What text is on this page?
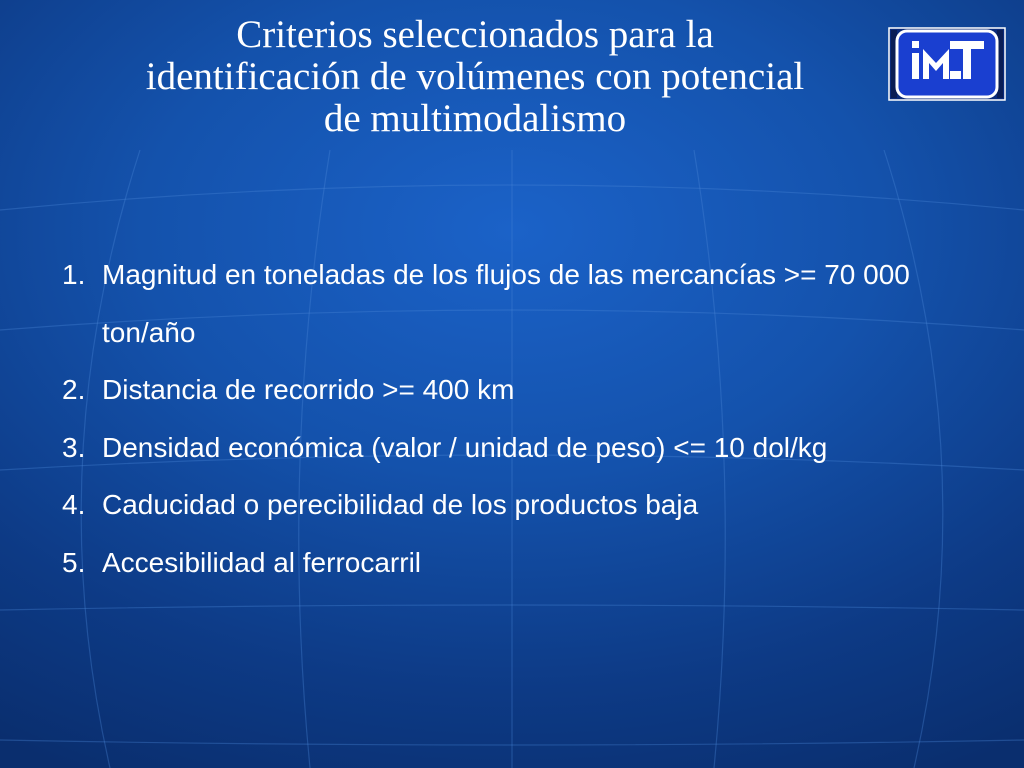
Criterios seleccionados para la
identificación de volúmenes con potencial
de multimodalismo
1. Magnitud en toneladas de los flujos de las mercancías >= 70 000 ton/año
2. Distancia de recorrido >= 400 km
3. Densidad económica (valor / unidad de peso) <= 10 dol/kg
4. Caducidad o perecibilidad de los productos baja
5. Accesibilidad al ferrocarril
